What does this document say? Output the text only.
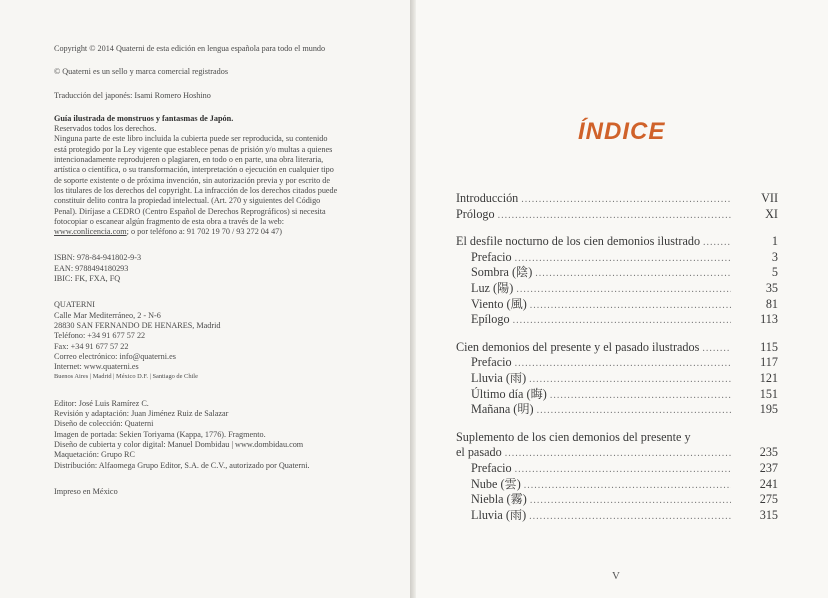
Copyright © 2014 Quaterni de esta edición en lengua española para todo el mundo

© Quaterni es un sello y marca comercial registrados

Traducción del japonés: Isami Romero Hoshino

Guía ilustrada de monstruos y fantasmas de Japón.

Reservados todos los derechos.

Ninguna parte de este libro incluida la cubierta puede ser reproducida, su contenido

está protegido por la Ley vigente que establece penas de prisión y/o multas a quienes

intencionadamente reprodujeren o plagiaren, en todo o en parte, una obra literaria,

artística o científica, o su transformación, interpretación o ejecución en cualquier tipo

de soporte existente o de próxima invención, sin autorización previa y por escrito de

los titulares de los derechos del copyright. La infracción de los derechos citados puede

constituir delito contra la propiedad intelectual. (Art. 270 y siguientes del Código

Penal). Diríjase a CEDRO (Centro Español de Derechos Reprográficos) si necesita

fotocopiar o escanear algún fragmento de esta obra a través de la web:

www.conlicencia.com; o por teléfono a: 91 702 19 70 / 93 272 04 47)

ISBN: 978-84-941802-9-3

EAN: 9788494180293

IBIC: FK, FXA, FQ

QUATERNI

Calle Mar Mediterráneo, 2 - N-6

28830 SAN FERNANDO DE HENARES, Madrid

Teléfono: +34 91 677 57 22

Fax: +34 91 677 57 22

Correo electrónico: info@quaterni.es

Internet: www.quaterni.es

Buenos Aires | Madrid | México D.F. | Santiago de Chile

Editor: José Luis Ramírez C.

Revisión y adaptación: Juan Jiménez Ruiz de Salazar

Diseño de colección: Quaterni

Imagen de portada: Sekien Toriyama (Kappa, 1776). Fragmento.

Diseño de cubierta y color digital: Manuel Dombidau | www.dombidau.com

Maquetación: Grupo RC

Distribución: Alfaomega Grupo Editor, S.A. de C.V., autorizado por Quaterni.

Impreso en México

ÍNDICE
Introducción .....	VII
Prólogo .....	XI
El desfile nocturno de los cien demonios ilustrado .....	1
Prefacio .....	3
Sombra (陰) .....	5
Luz (陽) .....	35
Viento (風) .....	81
Epílogo .....	113
Cien demonios del presente y el pasado ilustrados .....	115
Prefacio .....	117
Lluvia (雨) .....	121
Último día (晦) .....	151
Mañana (明) .....	195
Suplemento de los cien demonios del presente y
el pasado .....	235
Prefacio .....	237
Nube (雲) .....	241
Niebla (霧) .....	275
Lluvia (雨) .....	315
V
